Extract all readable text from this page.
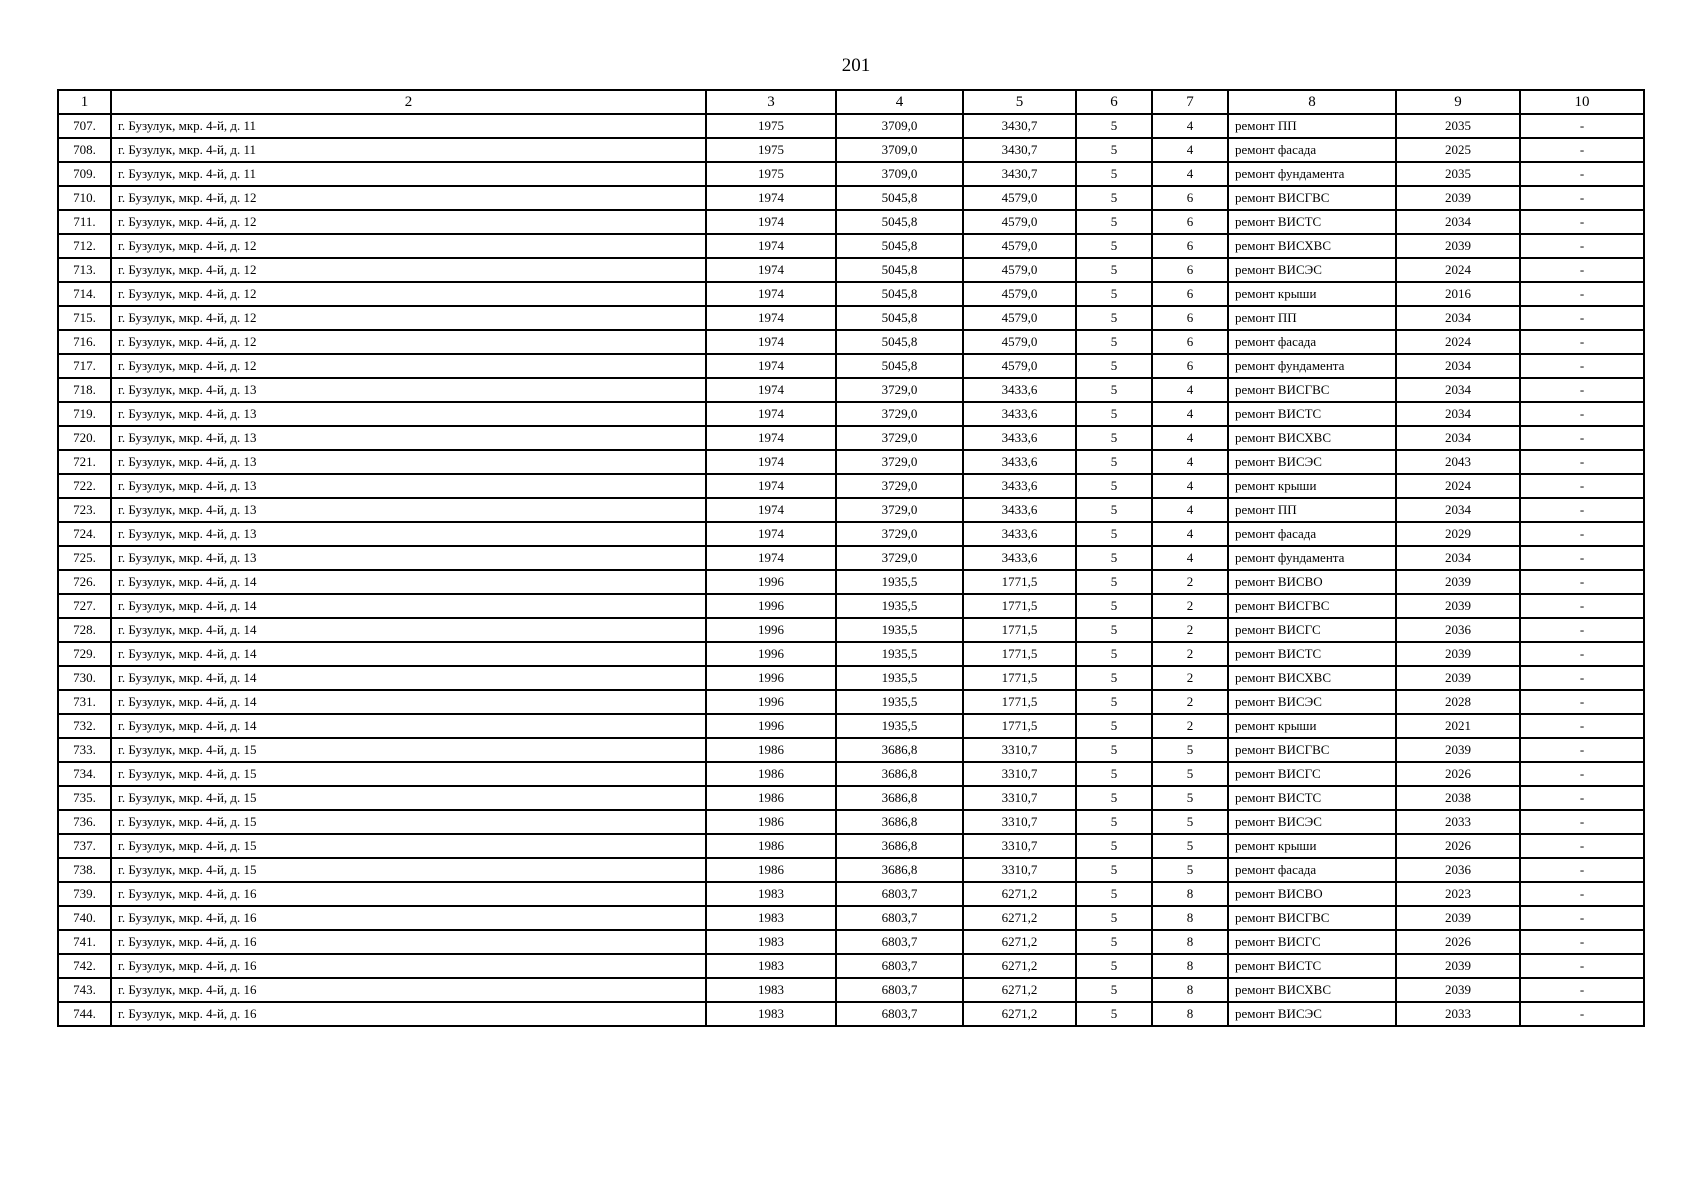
201
1	2	3	4	5	6	7	8	9	10
707.	г. Бузулук, мкр. 4-й, д. 11	1975	3709,0	3430,7	5	4	ремонт ПП	2035	-
708.	г. Бузулук, мкр. 4-й, д. 11	1975	3709,0	3430,7	5	4	ремонт фасада	2025	-
709.	г. Бузулук, мкр. 4-й, д. 11	1975	3709,0	3430,7	5	4	ремонт фундамента	2035	-
710.	г. Бузулук, мкр. 4-й, д. 12	1974	5045,8	4579,0	5	6	ремонт ВИСГВС	2039	-
711.	г. Бузулук, мкр. 4-й, д. 12	1974	5045,8	4579,0	5	6	ремонт ВИСТС	2034	-
712.	г. Бузулук, мкр. 4-й, д. 12	1974	5045,8	4579,0	5	6	ремонт ВИСХВС	2039	-
713.	г. Бузулук, мкр. 4-й, д. 12	1974	5045,8	4579,0	5	6	ремонт ВИСЭС	2024	-
714.	г. Бузулук, мкр. 4-й, д. 12	1974	5045,8	4579,0	5	6	ремонт крыши	2016	-
715.	г. Бузулук, мкр. 4-й, д. 12	1974	5045,8	4579,0	5	6	ремонт ПП	2034	-
716.	г. Бузулук, мкр. 4-й, д. 12	1974	5045,8	4579,0	5	6	ремонт фасада	2024	-
717.	г. Бузулук, мкр. 4-й, д. 12	1974	5045,8	4579,0	5	6	ремонт фундамента	2034	-
718.	г. Бузулук, мкр. 4-й, д. 13	1974	3729,0	3433,6	5	4	ремонт ВИСГВС	2034	-
719.	г. Бузулук, мкр. 4-й, д. 13	1974	3729,0	3433,6	5	4	ремонт ВИСТС	2034	-
720.	г. Бузулук, мкр. 4-й, д. 13	1974	3729,0	3433,6	5	4	ремонт ВИСХВС	2034	-
721.	г. Бузулук, мкр. 4-й, д. 13	1974	3729,0	3433,6	5	4	ремонт ВИСЭС	2043	-
722.	г. Бузулук, мкр. 4-й, д. 13	1974	3729,0	3433,6	5	4	ремонт крыши	2024	-
723.	г. Бузулук, мкр. 4-й, д. 13	1974	3729,0	3433,6	5	4	ремонт ПП	2034	-
724.	г. Бузулук, мкр. 4-й, д. 13	1974	3729,0	3433,6	5	4	ремонт фасада	2029	-
725.	г. Бузулук, мкр. 4-й, д. 13	1974	3729,0	3433,6	5	4	ремонт фундамента	2034	-
726.	г. Бузулук, мкр. 4-й, д. 14	1996	1935,5	1771,5	5	2	ремонт ВИСВО	2039	-
727.	г. Бузулук, мкр. 4-й, д. 14	1996	1935,5	1771,5	5	2	ремонт ВИСГВС	2039	-
728.	г. Бузулук, мкр. 4-й, д. 14	1996	1935,5	1771,5	5	2	ремонт ВИСГС	2036	-
729.	г. Бузулук, мкр. 4-й, д. 14	1996	1935,5	1771,5	5	2	ремонт ВИСТС	2039	-
730.	г. Бузулук, мкр. 4-й, д. 14	1996	1935,5	1771,5	5	2	ремонт ВИСХВС	2039	-
731.	г. Бузулук, мкр. 4-й, д. 14	1996	1935,5	1771,5	5	2	ремонт ВИСЭС	2028	-
732.	г. Бузулук, мкр. 4-й, д. 14	1996	1935,5	1771,5	5	2	ремонт крыши	2021	-
733.	г. Бузулук, мкр. 4-й, д. 15	1986	3686,8	3310,7	5	5	ремонт ВИСГВС	2039	-
734.	г. Бузулук, мкр. 4-й, д. 15	1986	3686,8	3310,7	5	5	ремонт ВИСГС	2026	-
735.	г. Бузулук, мкр. 4-й, д. 15	1986	3686,8	3310,7	5	5	ремонт ВИСТС	2038	-
736.	г. Бузулук, мкр. 4-й, д. 15	1986	3686,8	3310,7	5	5	ремонт ВИСЭС	2033	-
737.	г. Бузулук, мкр. 4-й, д. 15	1986	3686,8	3310,7	5	5	ремонт крыши	2026	-
738.	г. Бузулук, мкр. 4-й, д. 15	1986	3686,8	3310,7	5	5	ремонт фасада	2036	-
739.	г. Бузулук, мкр. 4-й, д. 16	1983	6803,7	6271,2	5	8	ремонт ВИСВО	2023	-
740.	г. Бузулук, мкр. 4-й, д. 16	1983	6803,7	6271,2	5	8	ремонт ВИСГВС	2039	-
741.	г. Бузулук, мкр. 4-й, д. 16	1983	6803,7	6271,2	5	8	ремонт ВИСГС	2026	-
742.	г. Бузулук, мкр. 4-й, д. 16	1983	6803,7	6271,2	5	8	ремонт ВИСТС	2039	-
743.	г. Бузулук, мкр. 4-й, д. 16	1983	6803,7	6271,2	5	8	ремонт ВИСХВС	2039	-
744.	г. Бузулук, мкр. 4-й, д. 16	1983	6803,7	6271,2	5	8	ремонт ВИСЭС	2033	-
